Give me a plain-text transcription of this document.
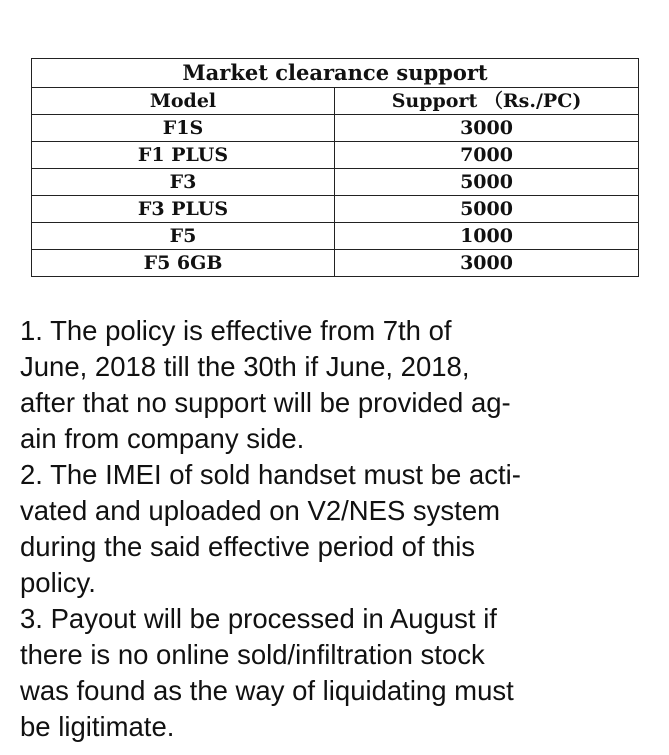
Market clearance support	
Model	Support （Rs./PC)
F1S	3000
F1 PLUS	7000
F3	5000
F3 PLUS	5000
F5	1000
F5 6GB	3000

1. The policy is effective from 7th of

June, 2018 till the 30th if June, 2018,

after that no support will be provided ag-

ain from company side.

2. The IMEI of sold handset must be acti-

vated and uploaded on V2/NES system

during the said effective period of this

policy.

3. Payout will be processed in August if

there is no online sold/infiltration stock

was found as the way of liquidating must

be ligitimate.
